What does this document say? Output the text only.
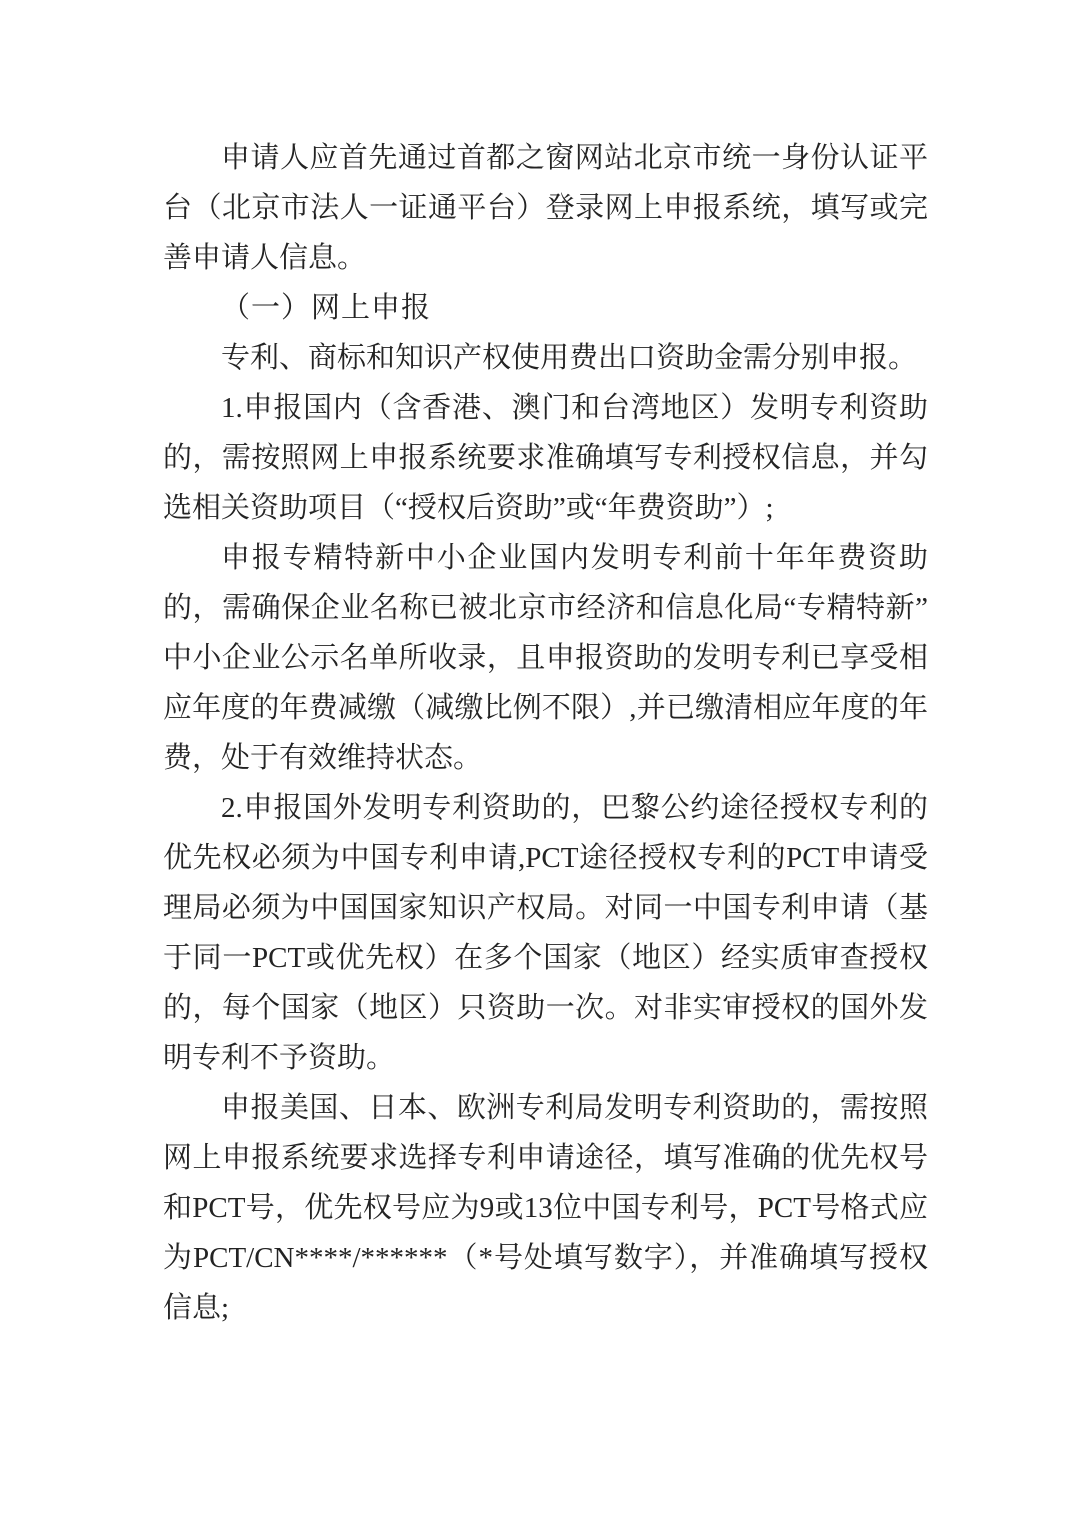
申请人应首先通过首都之窗网站北京市统一身份认证平台（北京市法人一证通平台）登录网上申报系统，填写或完善申请人信息。

（一）网上申报

专利、商标和知识产权使用费出口资助金需分别申报。

1.申报国内（含香港、澳门和台湾地区）发明专利资助的，需按照网上申报系统要求准确填写专利授权信息，并勾选相关资助项目（“授权后资助”或“年费资助”）;

申报专精特新中小企业国内发明专利前十年年费资助的，需确保企业名称已被北京市经济和信息化局“专精特新”中小企业公示名单所收录，且申报资助的发明专利已享受相应年度的年费减缴（减缴比例不限）,并已缴清相应年度的年费，处于有效维持状态。

2.申报国外发明专利资助的，巴黎公约途径授权专利的优先权必须为中国专利申请,PCT途径授权专利的PCT申请受理局必须为中国国家知识产权局。对同一中国专利申请（基于同一PCT或优先权）在多个国家（地区）经实质审查授权的，每个国家（地区）只资助一次。对非实审授权的国外发明专利不予资助。

申报美国、日本、欧洲专利局发明专利资助的，需按照网上申报系统要求选择专利申请途径，填写准确的优先权号和PCT号，优先权号应为9或13位中国专利号，PCT号格式应为PCT/CN****/******（*号处填写数字），并准确填写授权信息;
